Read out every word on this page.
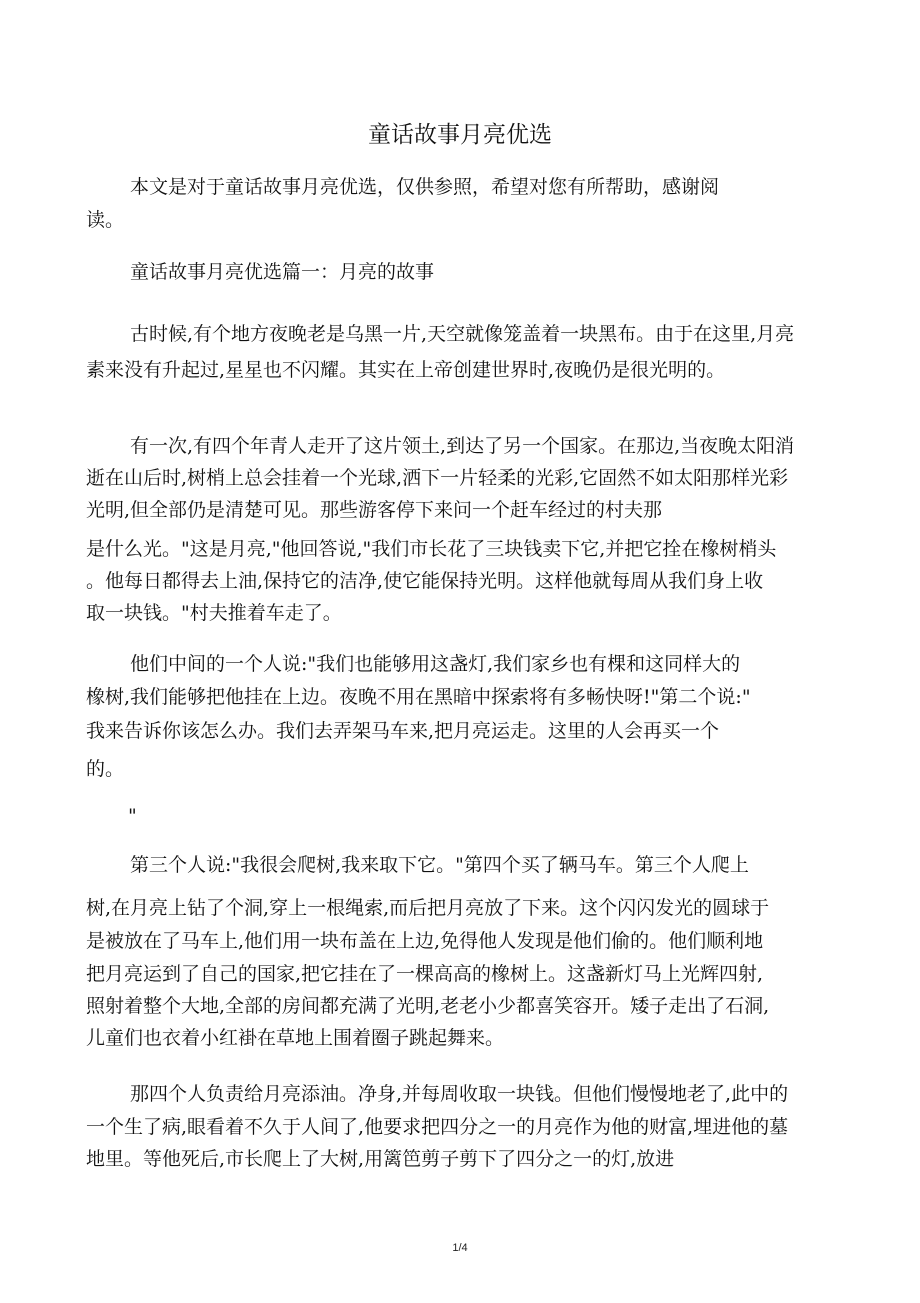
童话故事月亮优选

本文是对于童话故事月亮优选，仅供参照，希望对您有所帮助，感谢阅

读。

童话故事月亮优选篇一：月亮的故事

古时候,有个地方夜晚老是乌黑一片,天空就像笼盖着一块黑布。由于在这里,月亮

素来没有升起过,星星也不闪耀。其实在上帝创建世界时,夜晚仍是很光明的。

有一次,有四个年青人走开了这片领土,到达了另一个国家。在那边,当夜晚太阳消

逝在山后时,树梢上总会挂着一个光球,洒下一片轻柔的光彩,它固然不如太阳那样光彩

光明,但全部仍是清楚可见。那些游客停下来问一个赶车经过的村夫那

是什么光。"这是月亮,"他回答说,"我们市长花了三块钱卖下它,并把它拴在橡树梢头

。他每日都得去上油,保持它的洁净,使它能保持光明。这样他就每周从我们身上收

取一块钱。"村夫推着车走了。

他们中间的一个人说:"我们也能够用这盏灯,我们家乡也有棵和这同样大的

橡树,我们能够把他挂在上边。夜晚不用在黑暗中探索将有多畅快呀!"第二个说:"

我来告诉你该怎么办。我们去弄架马车来,把月亮运走。这里的人会再买一个

的。

"

第三个人说:"我很会爬树,我来取下它。"第四个买了辆马车。第三个人爬上

树,在月亮上钻了个洞,穿上一根绳索,而后把月亮放了下来。这个闪闪发光的圆球于

是被放在了马车上,他们用一块布盖在上边,免得他人发现是他们偷的。他们顺利地

把月亮运到了自己的国家,把它挂在了一棵高高的橡树上。这盏新灯马上光辉四射,

照射着整个大地,全部的房间都充满了光明,老老小少都喜笑容开。矮子走出了石洞,

儿童们也衣着小红褂在草地上围着圈子跳起舞来。

那四个人负责给月亮添油。净身,并每周收取一块钱。但他们慢慢地老了,此中的

一个生了病,眼看着不久于人间了,他要求把四分之一的月亮作为他的财富,埋进他的墓

地里。等他死后,市长爬上了大树,用篱笆剪子剪下了四分之一的灯,放进

1/4
